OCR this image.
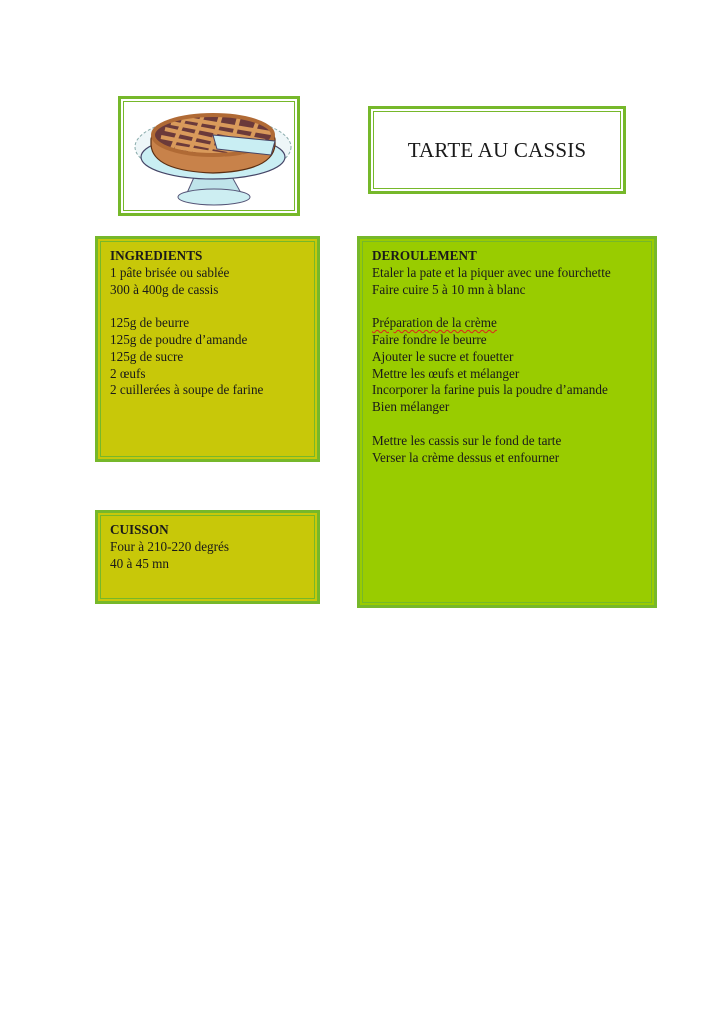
TARTE AU CASSIS
INGREDIENTS
1 pâte brisée ou sablée
300 à 400g de cassis
125g de beurre
125g de poudre d’amande
125g de sucre
2 œufs
2 cuillerées à soupe de farine
CUISSON
Four à 210-220 degrés
40 à 45 mn
DEROULEMENT
Etaler la pate et la piquer avec une fourchette
Faire cuire 5 à 10 mn à blanc
Préparation de la crème
Faire fondre le beurre
Ajouter le sucre et fouetter
Mettre les œufs et mélanger
Incorporer la farine puis la poudre d’amande
Bien mélanger
Mettre les cassis sur le fond de tarte
Verser la crème dessus et enfourner
